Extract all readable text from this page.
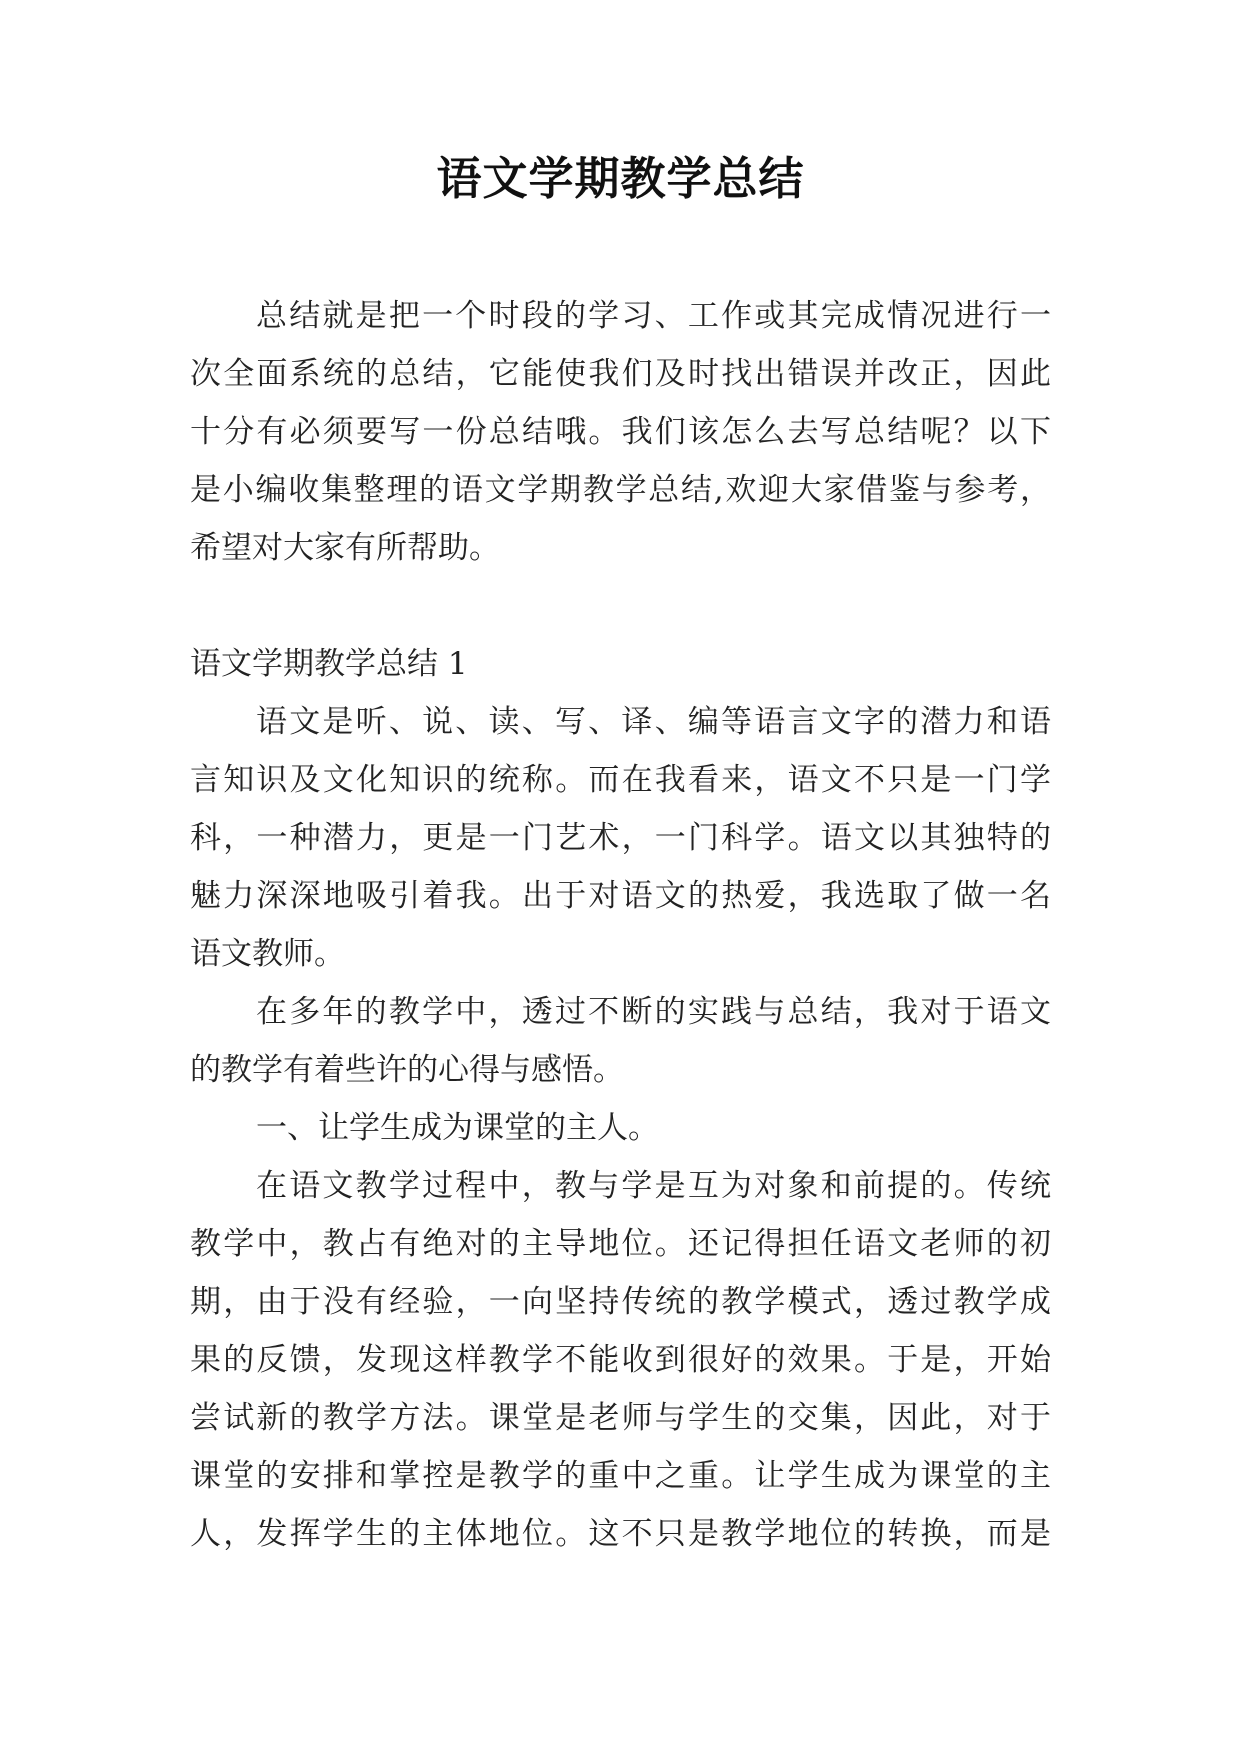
语文学期教学总结
总结就是把一个时段的学习、工作或其完成情况进行一
次全面系统的总结，它能使我们及时找出错误并改正，因此
十分有必须要写一份总结哦。我们该怎么去写总结呢？以下
是小编收集整理的语文学期教学总结,欢迎大家借鉴与参考，
希望对大家有所帮助。
语文学期教学总结 1
语文是听、说、读、写、译、编等语言文字的潜力和语
言知识及文化知识的统称。而在我看来，语文不只是一门学
科，一种潜力，更是一门艺术，一门科学。语文以其独特的
魅力深深地吸引着我。出于对语文的热爱，我选取了做一名
语文教师。
在多年的教学中，透过不断的实践与总结，我对于语文
的教学有着些许的心得与感悟。
一、让学生成为课堂的主人。
在语文教学过程中，教与学是互为对象和前提的。传统
教学中，教占有绝对的主导地位。还记得担任语文老师的初
期，由于没有经验，一向坚持传统的教学模式，透过教学成
果的反馈，发现这样教学不能收到很好的效果。于是，开始
尝试新的教学方法。课堂是老师与学生的交集，因此，对于
课堂的安排和掌控是教学的重中之重。让学生成为课堂的主
人，发挥学生的主体地位。这不只是教学地位的转换，而是
